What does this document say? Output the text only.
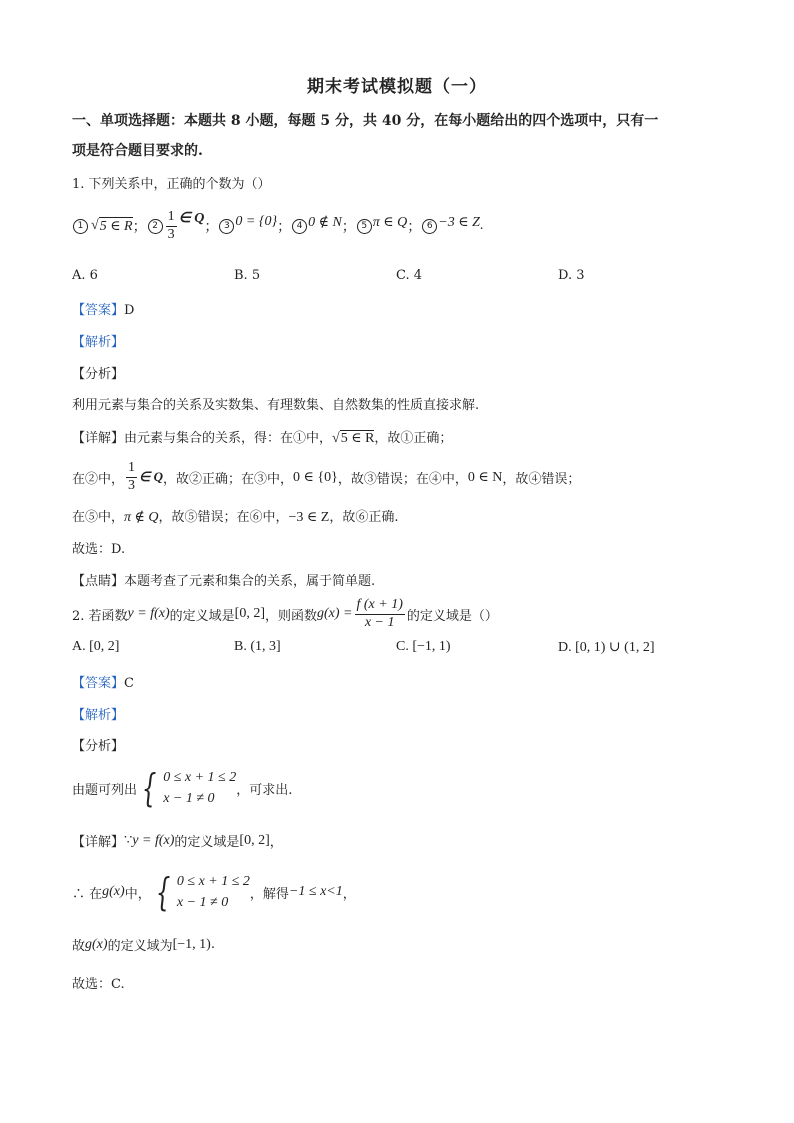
期末考试模拟题（一）
一、单项选择题：本题共 8 小题，每题 5 分，共 40 分，在每小题给出的四个选项中，只有一
项是符合题目要求的.
1. 下列关系中，正确的个数为（）
1 √ 5 ∈ R ； $2 \frac{1}{3}$ ∈ Q
； 3 0 = {0} ； 4 0 ∉ N ； 5 π ∈ Q ； 6 −3 ∈ Z .
A. 6	B. 5	C. 4	D. 3
【答案】D
【解析】
【分析】
利用元素与集合的关系及实数集、有理数集、自然数集的性质直接求解.
【详解】由元素与集合的关系，得：在①中，√5 ∈ R，故①正确；
在②中， $\frac{1}{3}$ ∈ Q ，故②正确；在③中， 0 ∈ {0} ，故③错误；在④中， 0 ∈ N ，故④错误；
在⑤中，π ∉ Q，故⑤错误；在⑥中，−3 ∈ Z，故⑥正确.
故选：D.
【点睛】本题考查了元素和集合的关系，属于简单题.
2. 若函数 y = f(x) 的定义域是 [0, 2] ，则函数 $g(x) = \frac{f (x + 1)}{x - 1}$ 的定义域是（）
A. [0, 2]	B. (1, 3]	C. [−1, 1)	D. [0, 1) ∪ (1, 2]
【答案】C
【解析】
【分析】
由题可列出 { 0 ≤ x + 1 ≤ 2
x − 1 ≠ 0
，可求出.
【详解】 ∵ y = f(x) 的定义域是 [0, 2] ，
∴ 在 g(x) 中， { 0 ≤ x + 1 ≤ 2
x − 1 ≠ 0
，解得 −1 ≤ x<1 ，
故 g(x) 的定义域为 [−1, 1) .
故选：C.
